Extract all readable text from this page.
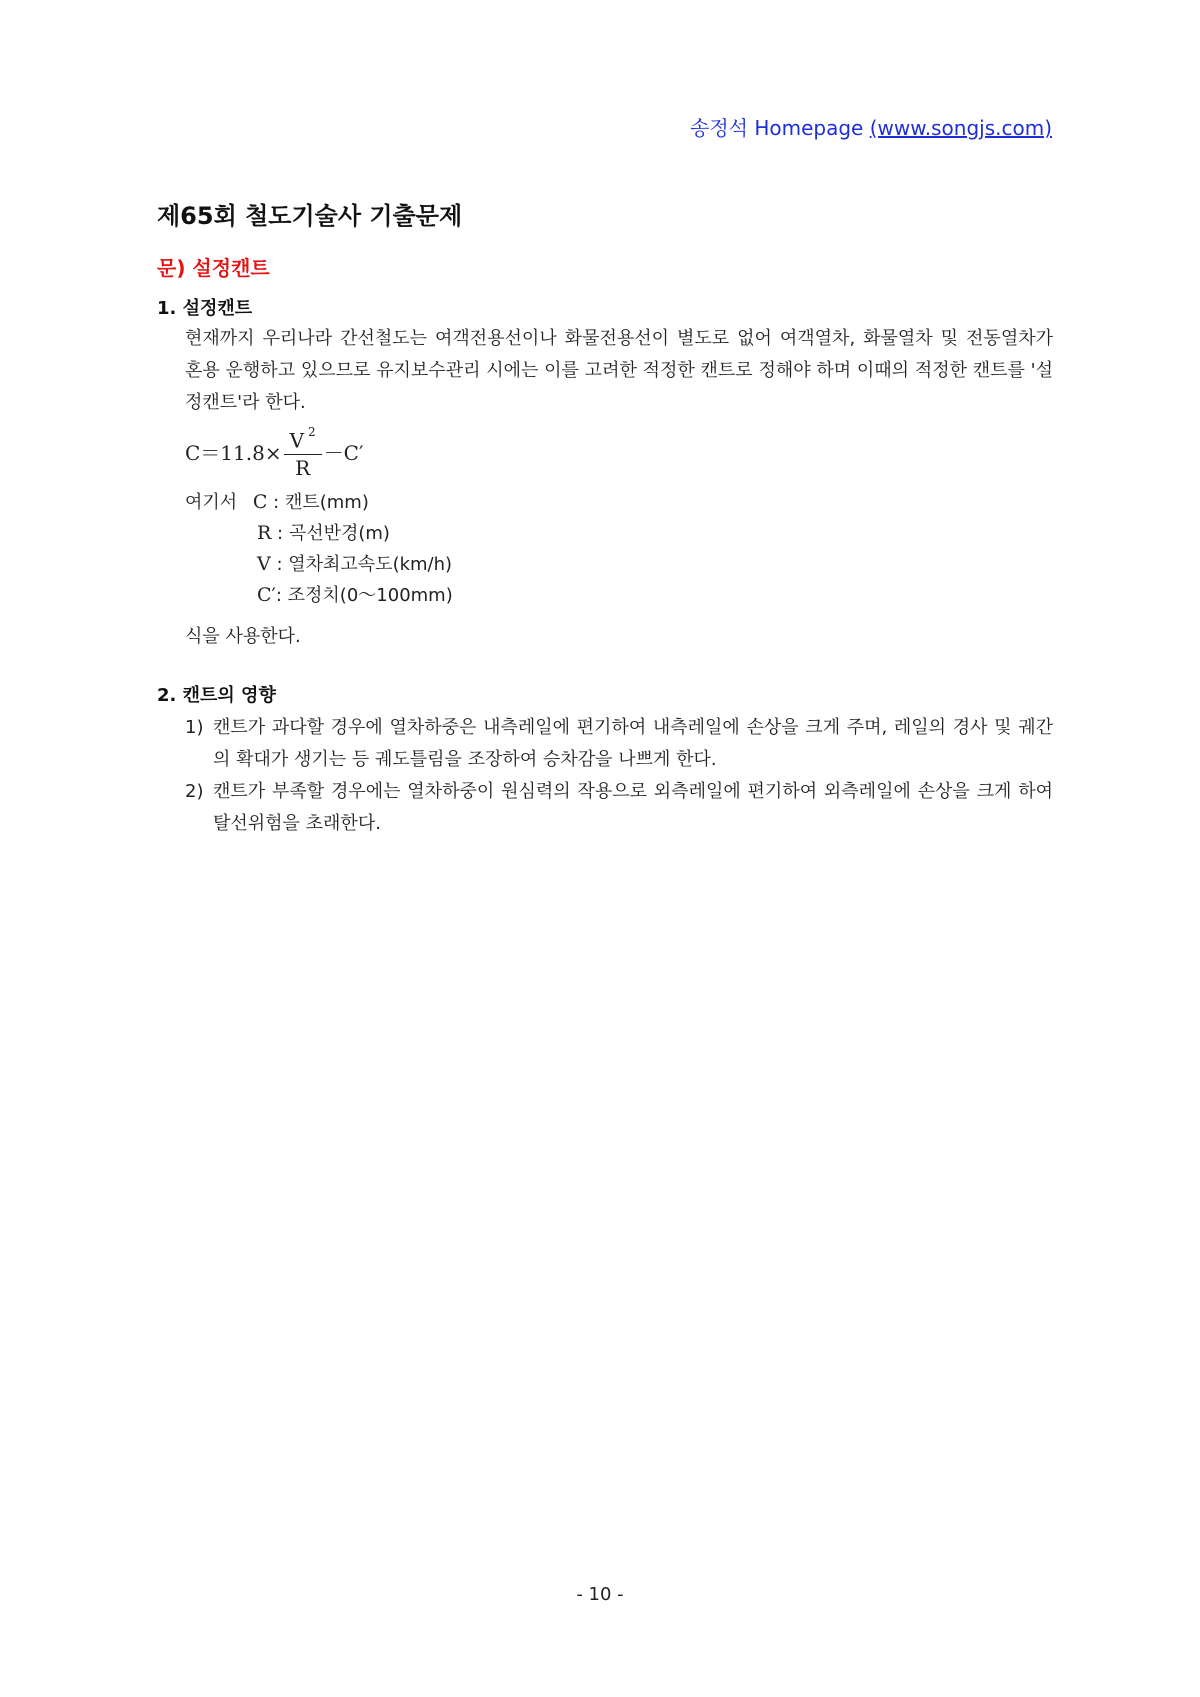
송정석 Homepage (www.songjs.com)
제65회 철도기술사 기출문제
문) 설정캔트
1. 설정캔트

현재까지 우리나라 간선철도는 여객전용선이나 화물전용선이 별도로 없어 여객열차, 화물열차 및 전동열차가 혼용 운행하고 있으므로 유지보수관리 시에는 이를 고려한 적정한 캔트로 정해야 하며 이때의 적정한 캔트를 '설정캔트'라 한다.

$C=11.8\times \frac{V ^2}{R} -C'$
여기서 C : 캔트(mm)
R : 곡선반경(m)
V : 열차최고속도(km/h)
C′: 조정치(0～100mm)
식을 사용한다.
2. 캔트의 영향
1) 캔트가 과다할 경우에 열차하중은 내측레일에 편기하여 내측레일에 손상을 크게 주며, 레일의 경사 및 궤간의 확대가 생기는 등 궤도틀림을 조장하여 승차감을 나쁘게 한다.
2) 캔트가 부족할 경우에는 열차하중이 원심력의 작용으로 외측레일에 편기하여 외측레일에 손상을 크게 하여 탈선위험을 초래한다.
- 10 -
